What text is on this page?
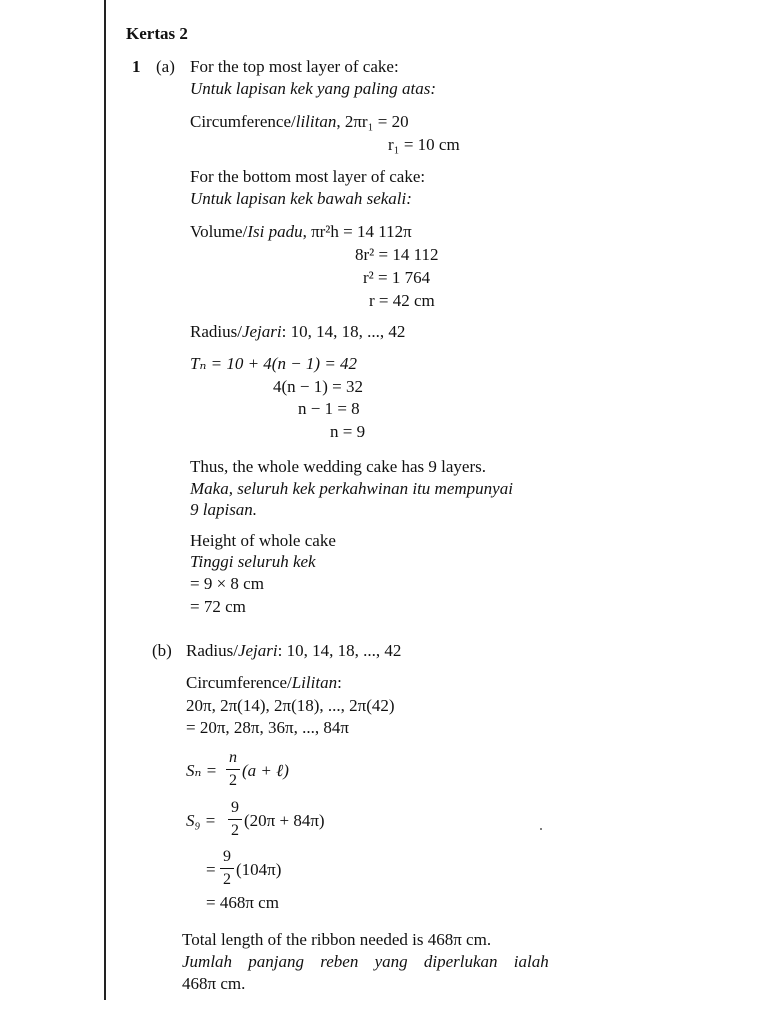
Kertas 2
1 (a) For the top most layer of cake:
Untuk lapisan kek yang paling atas:
Circumference/lilitan, 2πr₁ = 20
r₁ = 10 cm
For the bottom most layer of cake:
Untuk lapisan kek bawah sekali:
Volume/Isi padu, πr²h = 14 112π
8r² = 14 112
r² = 1 764
r = 42 cm
Radius/Jejari: 10, 14, 18, ..., 42
Tₙ = 10 + 4(n − 1) = 42
4(n − 1) = 32
n − 1 = 8
n = 9
Thus, the whole wedding cake has 9 layers.
Maka, seluruh kek perkahwinan itu mempunyai
9 lapisan.
Height of whole cake
Tinggi seluruh kek
= 9 × 8 cm
= 72 cm
(b) Radius/Jejari: 10, 14, 18, ..., 42
Circumference/Lilitan:
20π, 2π(14), 2π(18), ..., 2π(42)
= 20π, 28π, 36π, ..., 84π
Sₙ =
n
2
(a + ℓ)
S₉ =
9
2
(20π + 84π)
=
9
2
(104π)
= 468π cm
Total length of the ribbon needed is 468π cm.
Jumlah panjang reben yang diperlukan ialah
468π cm.
